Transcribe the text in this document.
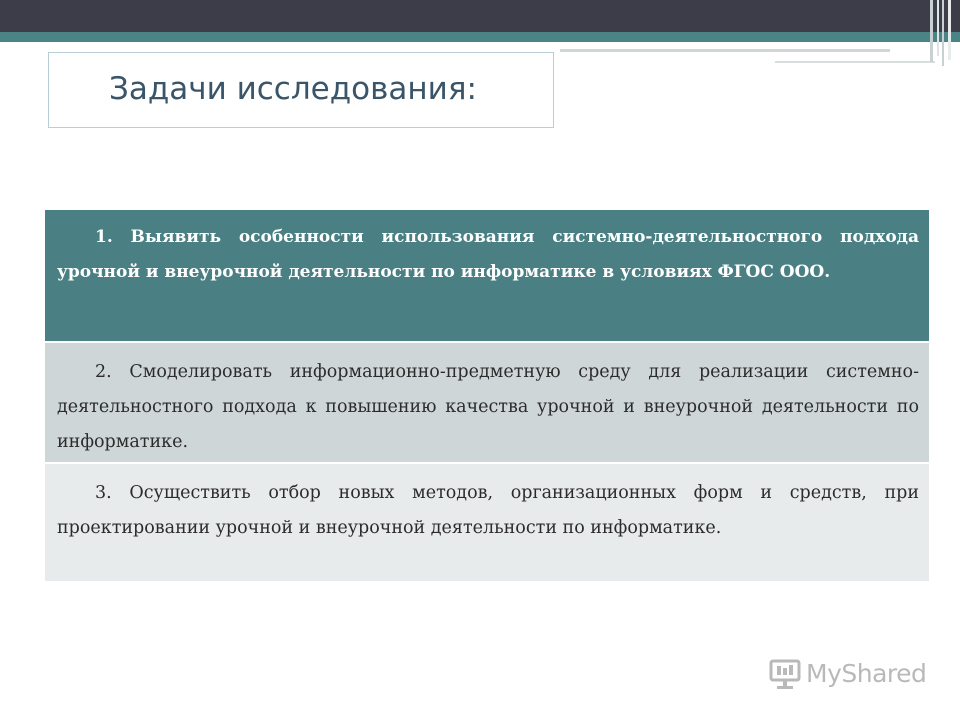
Задачи исследования:
1. Выявить особенности использования системно-деятельностного подхода урочной и внеурочной деятельности по информатике в условиях ФГОС ООО.
2. Смоделировать информационно-предметную среду для реализации системно-деятельностного подхода к повышению качества урочной и внеурочной деятельности по информатике.
3. Осуществить отбор новых методов, организационных форм и средств, при проектировании урочной и внеурочной деятельности по информатике.
MyShared
